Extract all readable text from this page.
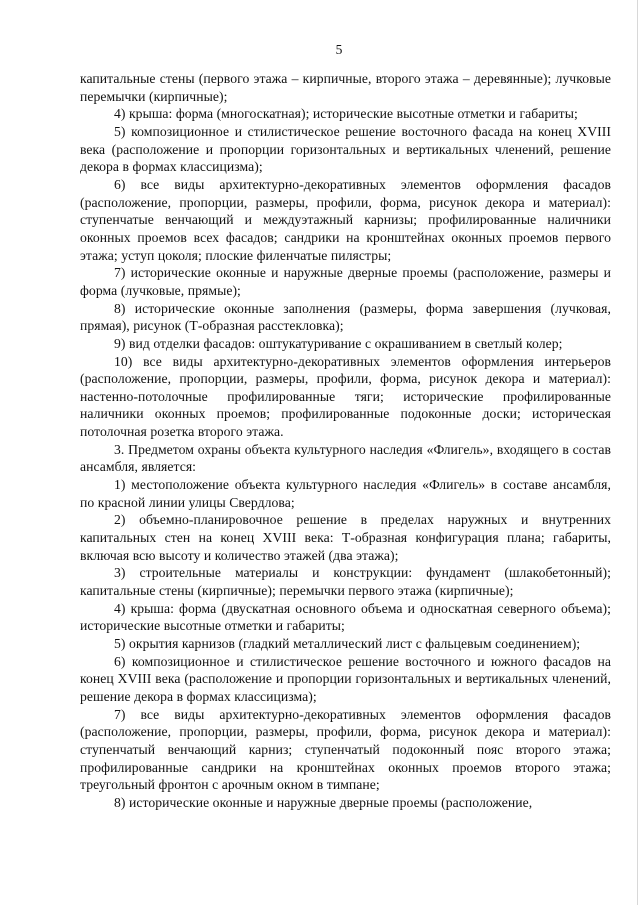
5

капитальные стены (первого этажа – кирпичные, второго этажа – деревянные); лучковые перемычки (кирпичные);

4) крыша: форма (многоскатная); исторические высотные отметки и габариты;

5) композиционное и стилистическое решение восточного фасада на конец XVIII века (расположение и пропорции горизонтальных и вертикальных членений, решение декора в формах классицизма);

6) все виды архитектурно-декоративных элементов оформления фасадов (расположение, пропорции, размеры, профили, форма, рисунок декора и материал): ступенчатые венчающий и междуэтажный карнизы; профилированные наличники оконных проемов всех фасадов; сандрики на кронштейнах оконных проемов первого этажа; уступ цоколя; плоские филенчатые пилястры;

7) исторические оконные и наружные дверные проемы (расположение, размеры и форма (лучковые, прямые);

8) исторические оконные заполнения (размеры, форма завершения (лучковая, прямая), рисунок (Т-образная расстекловка);

9) вид отделки фасадов: оштукатуривание с окрашиванием в светлый колер;

10) все виды архитектурно-декоративных элементов оформления интерьеров (расположение, пропорции, размеры, профили, форма, рисунок декора и материал): настенно-потолочные профилированные тяги; исторические профилированные наличники оконных проемов; профилированные подоконные доски; историческая потолочная розетка второго этажа.

3. Предметом охраны объекта культурного наследия «Флигель», входящего в состав ансамбля, является:

1) местоположение объекта культурного наследия «Флигель» в составе ансамбля, по красной линии улицы Свердлова;

2) объемно-планировочное решение в пределах наружных и внутренних капитальных стен на конец XVIII века: Т-образная конфигурация плана; габариты, включая всю высоту и количество этажей (два этажа);

3) строительные материалы и конструкции: фундамент (шлакобетонный); капитальные стены (кирпичные); перемычки первого этажа (кирпичные);

4) крыша: форма (двускатная основного объема и односкатная северного объема); исторические высотные отметки и габариты;

5) окрытия карнизов (гладкий металлический лист с фальцевым соединением);

6) композиционное и стилистическое решение восточного и южного фасадов на конец XVIII века (расположение и пропорции горизонтальных и вертикальных членений, решение декора в формах классицизма);

7) все виды архитектурно-декоративных элементов оформления фасадов (расположение, пропорции, размеры, профили, форма, рисунок декора и материал): ступенчатый венчающий карниз; ступенчатый подоконный пояс второго этажа; профилированные сандрики на кронштейнах оконных проемов второго этажа; треугольный фронтон с арочным окном в тимпане;

8) исторические оконные и наружные дверные проемы (расположение,
